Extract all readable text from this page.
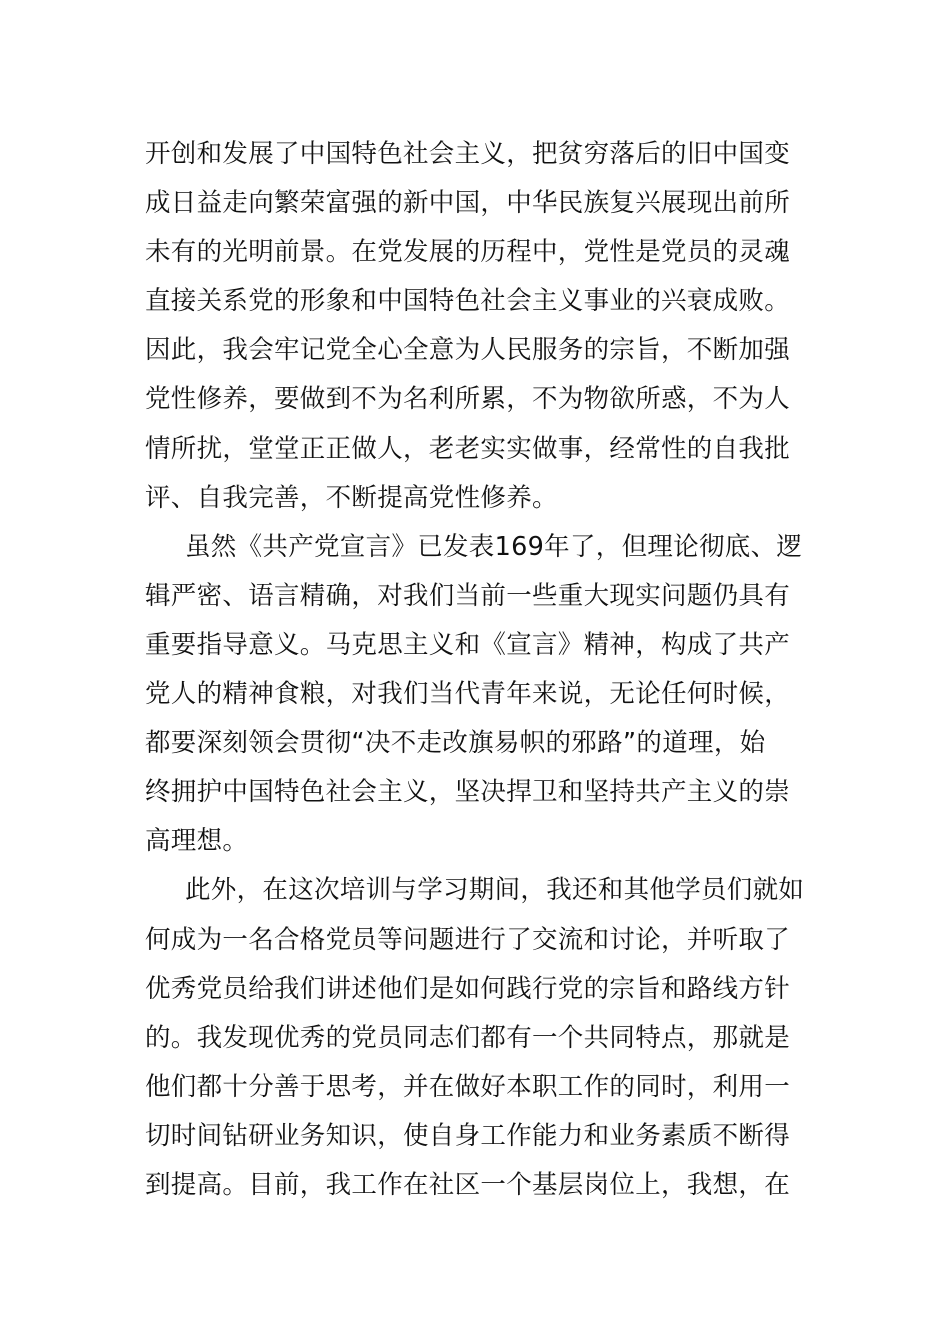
开创和发展了中国特色社会主义，把贫穷落后的旧中国变
成日益走向繁荣富强的新中国，中华民族复兴展现出前所
未有的光明前景。在党发展的历程中，党性是党员的灵魂
直接关系党的形象和中国特色社会主义事业的兴衰成败。
因此，我会牢记党全心全意为人民服务的宗旨，不断加强
党性修养，要做到不为名利所累，不为物欲所惑，不为人
情所扰，堂堂正正做人，老老实实做事，经常性的自我批
评、自我完善，不断提高党性修养。
虽然《共产党宣言》已发表169年了，但理论彻底、逻
辑严密、语言精确，对我们当前一些重大现实问题仍具有
重要指导意义。马克思主义和《宣言》精神，构成了共产
党人的精神食粮，对我们当代青年来说，无论任何时候，
都要深刻领会贯彻“决不走改旗易帜的邪路”的道理，始
终拥护中国特色社会主义，坚决捍卫和坚持共产主义的崇
高理想。
此外，在这次培训与学习期间，我还和其他学员们就如
何成为一名合格党员等问题进行了交流和讨论，并听取了
优秀党员给我们讲述他们是如何践行党的宗旨和路线方针
的。我发现优秀的党员同志们都有一个共同特点，那就是
他们都十分善于思考，并在做好本职工作的同时，利用一
切时间钻研业务知识，使自身工作能力和业务素质不断得
到提高。目前，我工作在社区一个基层岗位上，我想，在
